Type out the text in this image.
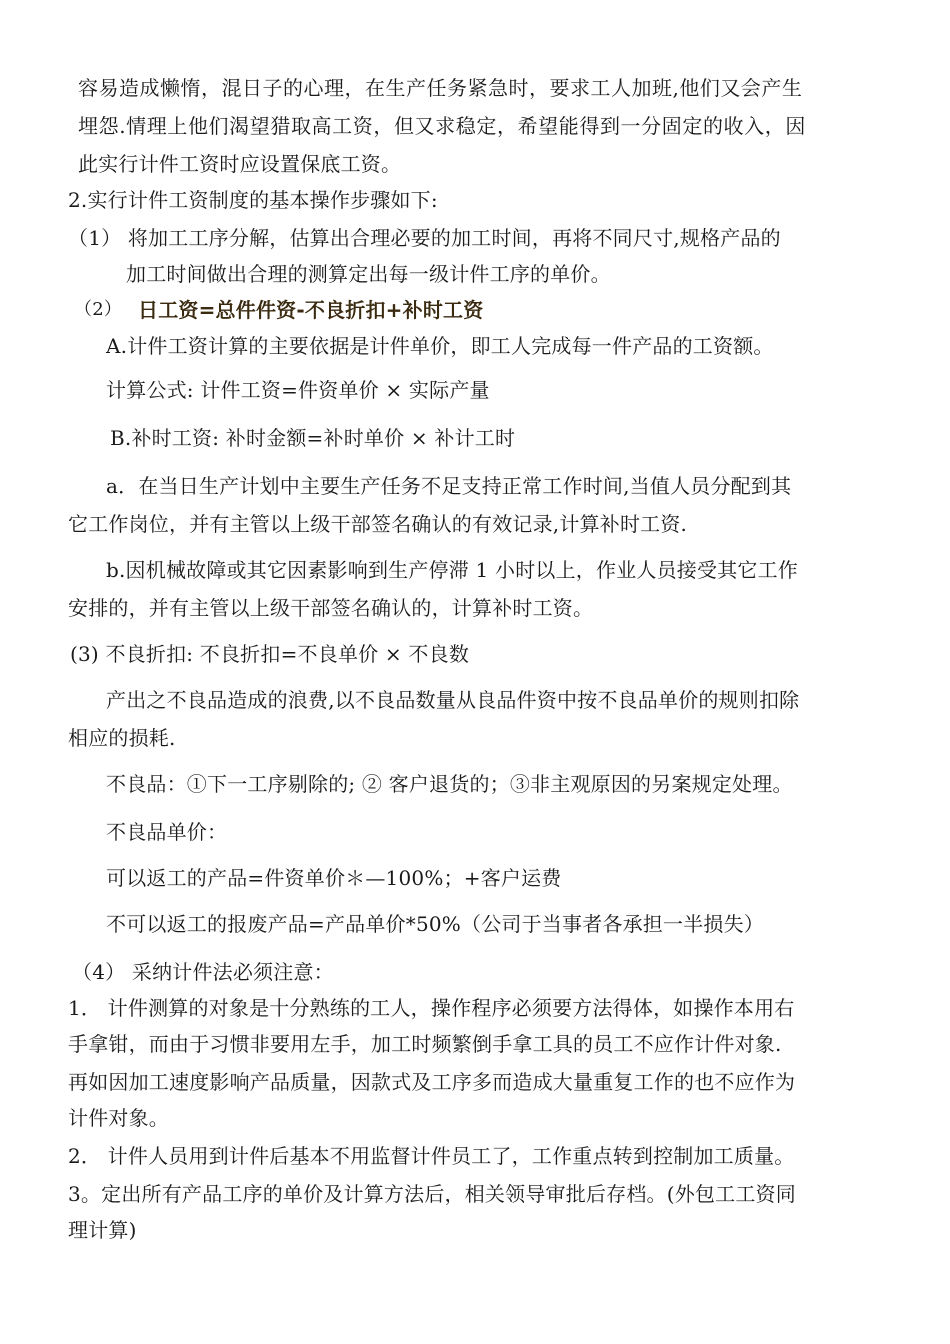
容易造成懒惰，混日子的心理，在生产任务紧急时，要求工人加班,他们又会产生
埋怨.情理上他们渴望猎取高工资，但又求稳定，希望能得到一分固定的收入，因
此实行计件工资时应设置保底工资。
2.实行计件工资制度的基本操作步骤如下:
（1） 将加工工序分解，估算出合理必要的加工时间，再将不同尺寸,规格产品的
加工时间做出合理的测算定出每一级计件工序的单价。
（2） 日工资=总件件资-不良折扣+补时工资
A.计件工资计算的主要依据是计件单价，即工人完成每一件产品的工资额。
计算公式: 计件工资=件资单价 × 实际产量
B.补时工资: 补时金额=补时单价 × 补计工时
a．在当日生产计划中主要生产任务不足支持正常工作时间,当值人员分配到其
它工作岗位，并有主管以上级干部签名确认的有效记录,计算补时工资.
b.因机械故障或其它因素影响到生产停滞 1 小时以上，作业人员接受其它工作
安排的，并有主管以上级干部签名确认的，计算补时工资。
(3) 不良折扣: 不良折扣=不良单价 × 不良数
产出之不良品造成的浪费,以不良品数量从良品件资中按不良品单价的规则扣除
相应的损耗.
不良品：①下一工序剔除的; ② 客户退货的；③非主观原因的另案规定处理。
不良品单价：
可以返工的产品=件资单价＊—100%；+客户运费
不可以返工的报废产品=产品单价*50%（公司于当事者各承担一半损失）
（4） 采纳计件法必须注意：
1． 计件测算的对象是十分熟练的工人，操作程序必须要方法得体，如操作本用右
手拿钳，而由于习惯非要用左手，加工时频繁倒手拿工具的员工不应作计件对象.
再如因加工速度影响产品质量，因款式及工序多而造成大量重复工作的也不应作为
计件对象。
2． 计件人员用到计件后基本不用监督计件员工了，工作重点转到控制加工质量。
3。定出所有产品工序的单价及计算方法后，相关领导审批后存档。(外包工工资同
理计算)
